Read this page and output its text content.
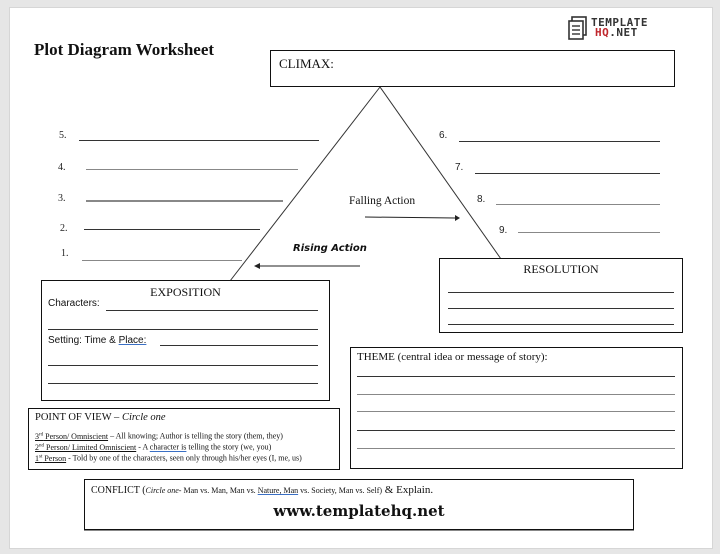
Plot Diagram Worksheet
TEMPLATE
HQ.NET
CLIMAX:
5.
4.
3.
2.
1.
6.
7.
8.
9.
Falling Action
Rising Action
EXPOSITION
Characters:
Setting: Time & Place:
RESOLUTION
THEME (central idea or message of story):
POINT OF VIEW – Circle one
3rd Person/ Omniscient – All knowing; Author is telling the story (them, they)
2nd Person/ Limited Omniscient - A character is telling the story (we, you)
1st Person - Told by one of the characters, seen only through his/her eyes (I, me, us)
CONFLICT (Circle one- Man vs. Man, Man vs. Nature, Man vs. Society, Man vs. Self) & Explain.
www.templatehq.net
